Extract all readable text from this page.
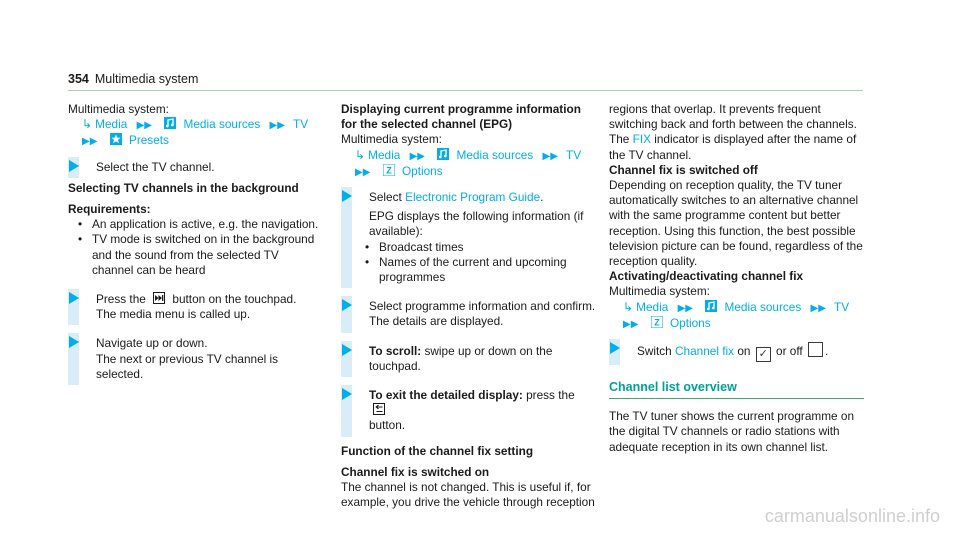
354 Multimedia system
Multimedia system:
↳ Media ▶▶	Media sources ▶▶ TV
▶▶	Presets
Select the TV channel.
Selecting TV channels in the background
Requirements:
• An application is active, e.g. the navigation.
• TV mode is switched on in the background and the sound from the selected TV channel can be heard
Press the button on the touchpad.
The media menu is called up.
Navigate up or down.
The next or previous TV channel is selected.
Displaying current programme information for the selected channel (EPG)
Multimedia system:
↳ Media ▶▶	Media sources ▶▶ TV
▶▶ Z Options
Select Electronic Program Guide.
EPG displays the following information (if available):
• Broadcast times
• Names of the current and upcoming programmes
Select programme information and confirm. The details are displayed.
To scroll: swipe up or down on the touchpad.
To exit the detailed display: press the
button.
Function of the channel fix setting
Channel fix is switched on
The channel is not changed. This is useful if, for example, you drive the vehicle through reception
regions that overlap. It prevents frequent switching back and forth between the channels.
The FIX indicator is displayed after the name of the TV channel.
Channel fix is switched off
Depending on reception quality, the TV tuner automatically switches to an alternative channel with the same programme content but better reception. Using this function, the best possible television picture can be found, regardless of the reception quality.
Activating/deactivating channel fix
Multimedia system:
↳ Media ▶▶	Media sources ▶▶ TV
▶▶ Z Options
Switch Channel fix on ✓ or off .
Channel list overview
The TV tuner shows the current programme on the digital TV channels or radio stations with adequate reception in its own channel list.
carmanualsonline.info
